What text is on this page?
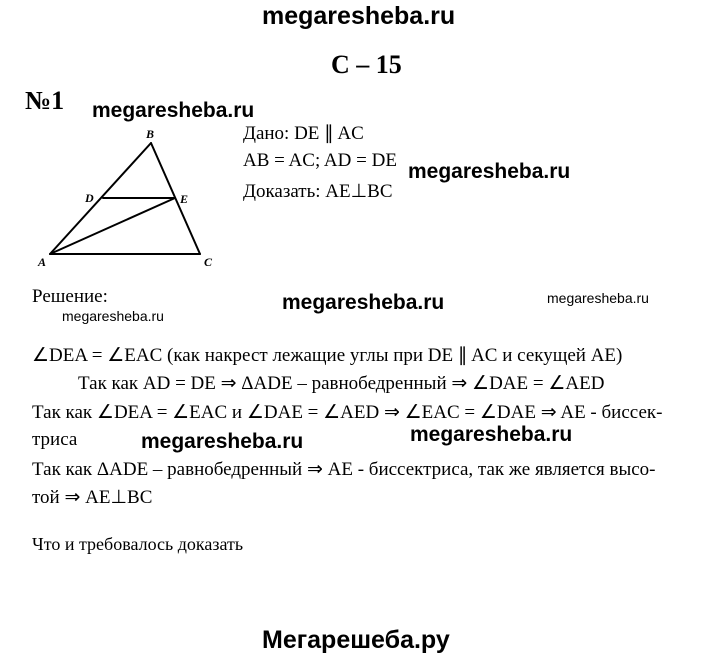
megaresheba.ru
С – 15
№1 megaresheba.ru
B
D	E
A	C
Дано: DE ∥ AC
AB = AC; AD = DE
Доказать: AE⊥BC
megaresheba.ru
Решение:	megaresheba.ru	megaresheba.ru
megaresheba.ru
∠DEA = ∠EAC (как накрест лежащие углы при DE ∥ AC и секущей AE)
Так как AD = DE ⇒ ΔADE – равнобедренный ⇒ ∠DAE = ∠AED
Так как ∠DEA = ∠EAC и ∠DAE = ∠AED ⇒ ∠EAC = ∠DAE ⇒ AE - биссек-
триса	megaresheba.ru	megaresheba.ru
Так как ΔADE – равнобедренный ⇒ AE - биссектриса, так же является высо-
той ⇒ AE⊥BC
Что и требовалось доказать
Мегарешеба.ру
